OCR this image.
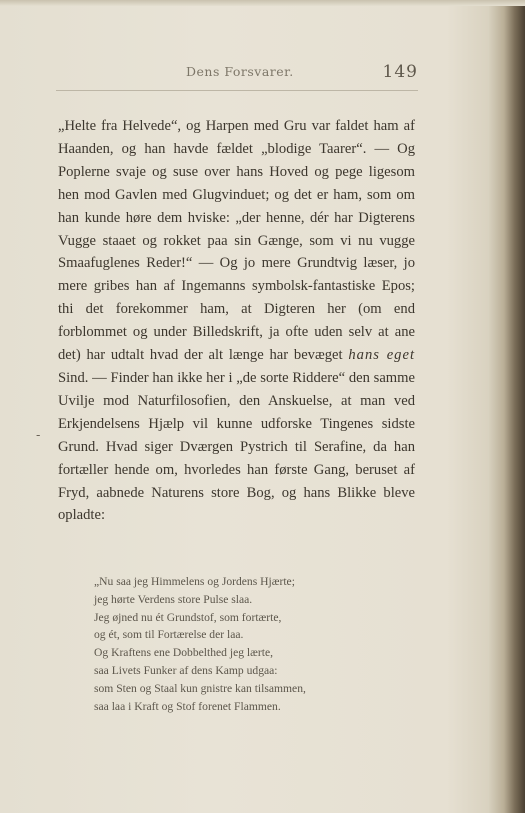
Dens Forsvarer.	149

„Helte fra Helvede“, og Harpen med Gru var faldet ham af Haanden, og han havde fældet „blodige Taarer“. — Og Poplerne svaje og suse over hans Hoved og pege ligesom hen mod Gavlen med Glugvinduet; og det er ham, som om han kunde høre dem hviske: „der henne, dér har Digterens Vugge staaet og rokket paa sin Gænge, som vi nu vugge Smaafuglenes Reder!“ — Og jo mere Grundtvig læser, jo mere gribes han af Ingemanns symbolsk-fantastiske Epos; thi det forekommer ham, at Digteren her (om end forblommet og under Billedskrift, ja ofte uden selv at ane det) har udtalt hvad der alt længe har bevæget hans eget Sind. — Finder han ikke her i „de sorte Riddere“ den samme Uvilje mod Naturfilosofien, den Anskuelse, at man ved Erkjendelsens Hjælp vil kunne udforske Tingenes sidste Grund. Hvad siger Dværgen Pystrich til Serafine, da han fortæller hende om, hvorledes han første Gang, beruset af Fryd, aabnede Naturens store Bog, og hans Blikke bleve opladte:

-
„Nu saa jeg Himmelens og Jordens Hjærte;
jeg hørte Verdens store Pulse slaa.
Jeg øjned nu ét Grundstof, som fortærte,
og ét, som til Fortærelse der laa.
Og Kraftens ene Dobbelthed jeg lærte,
saa Livets Funker af dens Kamp udgaa:
som Sten og Staal kun gnistre kan tilsammen,
saa laa i Kraft og Stof forenet Flammen.
